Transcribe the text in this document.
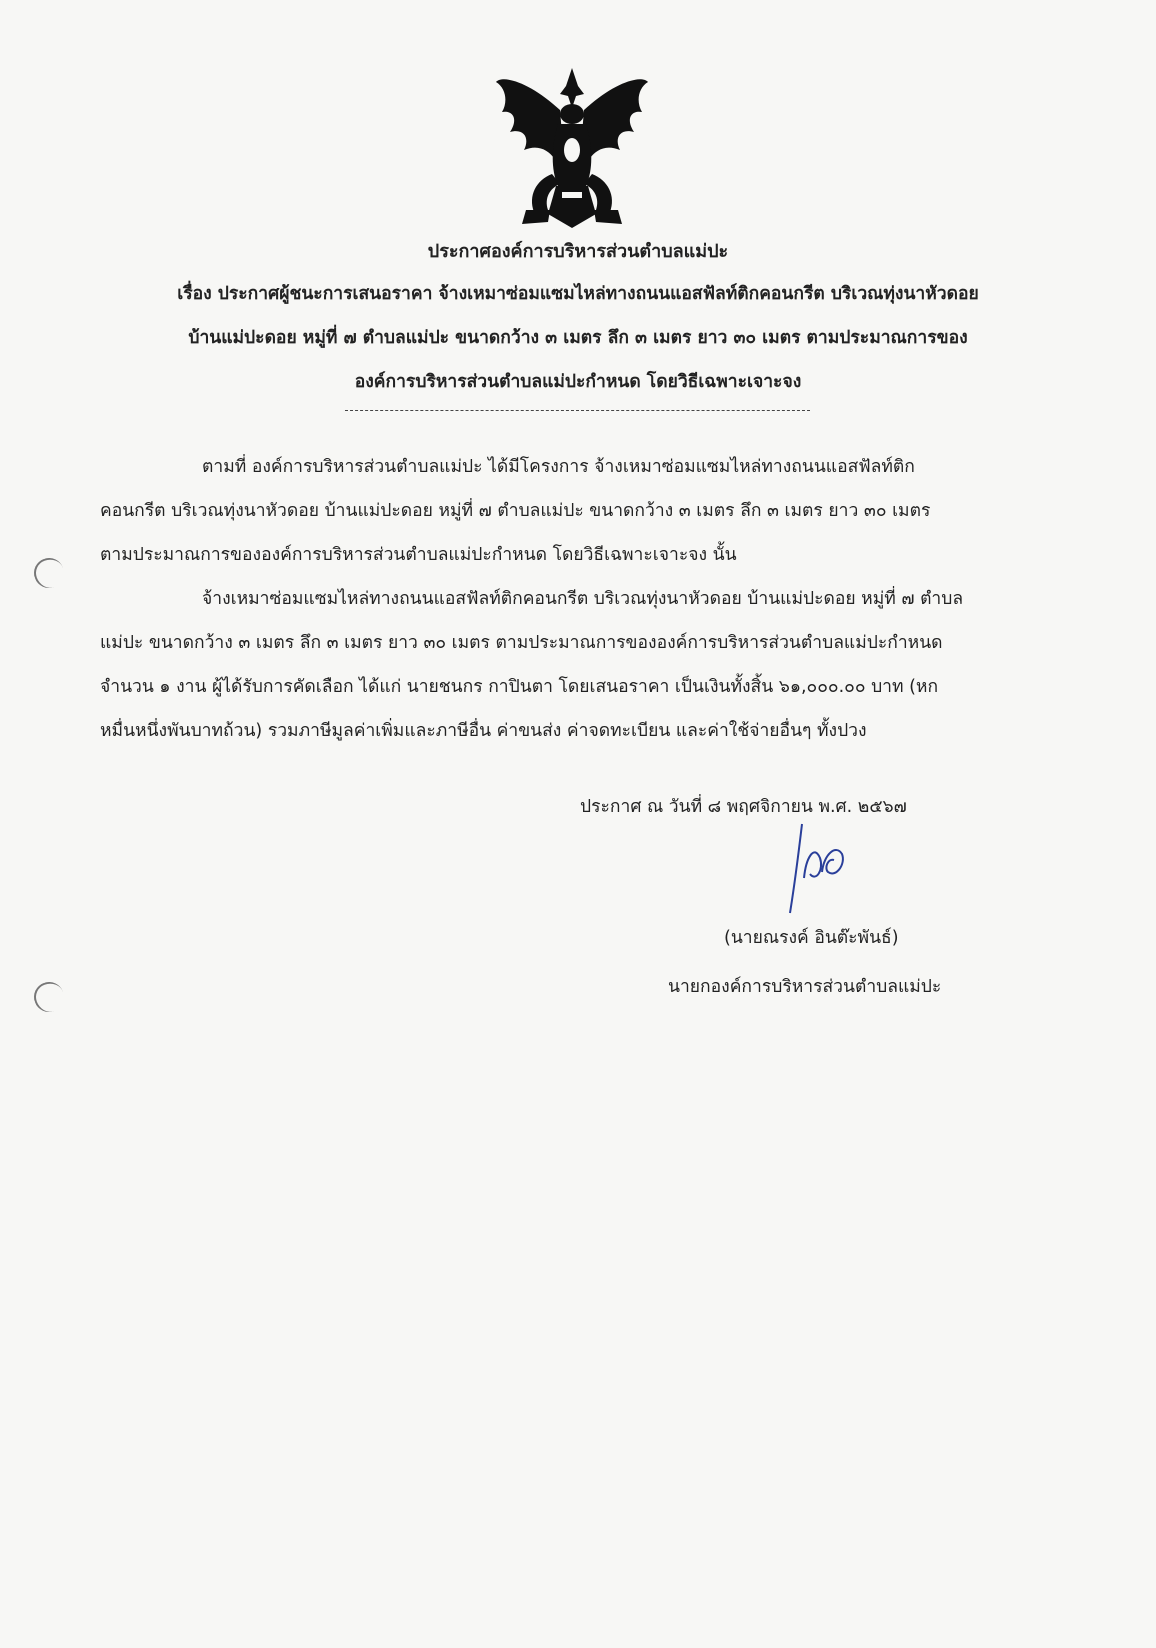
ประกาศองค์การบริหารส่วนตำบลแม่ปะ
เรื่อง ประกาศผู้ชนะการเสนอราคา จ้างเหมาซ่อมแซมไหล่ทางถนนแอสฟัลท์ติกคอนกรีต บริเวณทุ่งนาหัวดอย
บ้านแม่ปะดอย หมู่ที่ ๗ ตำบลแม่ปะ ขนาดกว้าง ๓ เมตร ลึก ๓ เมตร ยาว ๓๐ เมตร ตามประมาณการของ
องค์การบริหารส่วนตำบลแม่ปะกำหนด โดยวิธีเฉพาะเจาะจง
ตามที่ องค์การบริหารส่วนตำบลแม่ปะ ได้มีโครงการ จ้างเหมาซ่อมแซมไหล่ทางถนนแอสฟัลท์ติก
คอนกรีต บริเวณทุ่งนาหัวดอย บ้านแม่ปะดอย หมู่ที่ ๗ ตำบลแม่ปะ ขนาดกว้าง ๓ เมตร ลึก ๓ เมตร ยาว ๓๐ เมตร
ตามประมาณการขององค์การบริหารส่วนตำบลแม่ปะกำหนด โดยวิธีเฉพาะเจาะจง นั้น
จ้างเหมาซ่อมแซมไหล่ทางถนนแอสฟัลท์ติกคอนกรีต บริเวณทุ่งนาหัวดอย บ้านแม่ปะดอย หมู่ที่ ๗ ตำบล
แม่ปะ ขนาดกว้าง ๓ เมตร ลึก ๓ เมตร ยาว ๓๐ เมตร ตามประมาณการขององค์การบริหารส่วนตำบลแม่ปะกำหนด
จำนวน ๑ งาน ผู้ได้รับการคัดเลือก ได้แก่ นายชนกร กาปินตา โดยเสนอราคา เป็นเงินทั้งสิ้น ๖๑,๐๐๐.๐๐ บาท (หก
หมื่นหนึ่งพันบาทถ้วน) รวมภาษีมูลค่าเพิ่มและภาษีอื่น ค่าขนส่ง ค่าจดทะเบียน และค่าใช้จ่ายอื่นๆ ทั้งปวง
ประกาศ ณ วันที่ ๘ พฤศจิกายน พ.ศ. ๒๕๖๗
(นายณรงค์ อินต๊ะพันธ์)
นายกองค์การบริหารส่วนตำบลแม่ปะ
